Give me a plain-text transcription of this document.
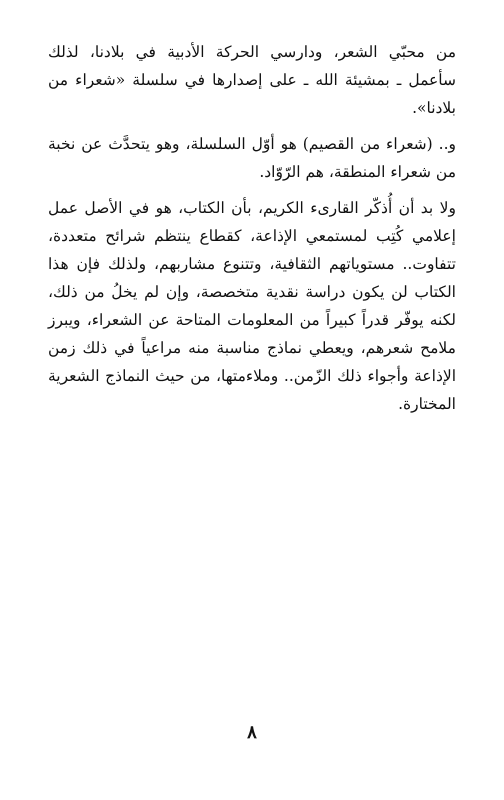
من محبّي الشعر، ودارسي الحركة الأدبية في بلادنا، لذلك سأعمل ـ بمشيئة الله ـ على إصدارها في سلسلة «شعراء من بلادنا».

و.. (شعراء من القصيم) هو أوّل السلسلة، وهو يتحدَّث عن نخبة من شعراء المنطقة، هم الرّوّاد.

ولا بد أن أُذكّر القارىء الكريم، بأن الكتاب، هو في الأصل عمل إعلامي كُتِب لمستمعي الإذاعة، كقطاع ينتظم شرائح متعددة، تتفاوت.. مستوياتهم الثقافية، وتتنوع مشاربهم، ولذلك فإن هذا الكتاب لن يكون دراسة نقدية متخصصة، وإن لم يخلُ من ذلك، لكنه يوفّر قدراً كبيراً من المعلومات المتاحة عن الشعراء، ويبرز ملامح شعرهم، ويعطي نماذج مناسبة منه مراعياً في ذلك زمن الإذاعة وأجواء ذلك الزّمن.. وملاءمتها، من حيث النماذج الشعرية المختارة.

٨
